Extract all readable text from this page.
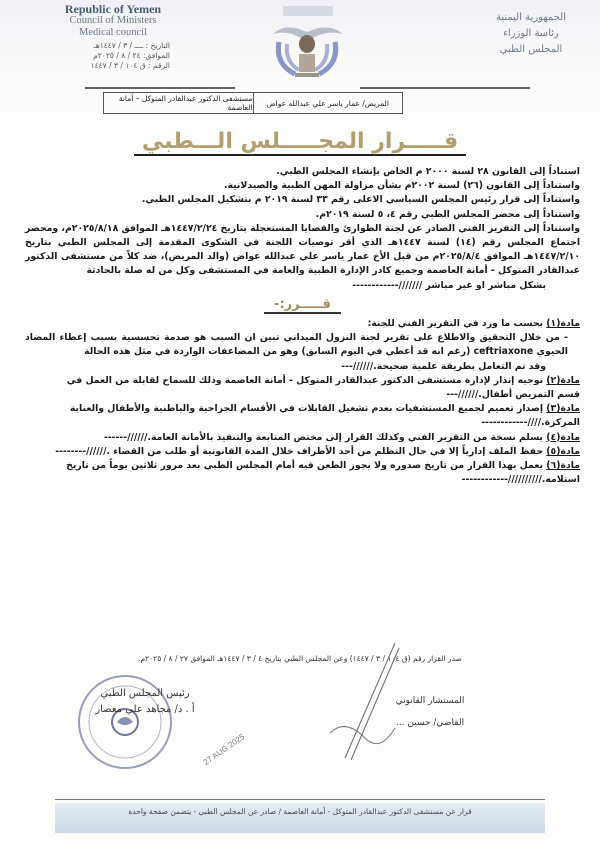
Republic of Yemen
Council of Ministers
Medical council
التاريخ : ــــ / ٣ / ١٤٤٧هـ
الموافق: ٢٤ / ٨ / ٢٠٢٥م
الرقم : ق ١٠٤ / ٣ / ١٤٤٧
الجمهورية اليمنية
رئاسة الوزراء
المجلس الطبي
المريض/ عمار ياسر علي عبدالله عواض
مستشفى الدكتور عبدالقادر المتوكل – أمانة العاصمة
قـــــرار المجـــــلس الـــطبي

استناداً إلى القانون ٢٨ لسنة ٢٠٠٠ م الخاص بإنشاء المجلس الطبي.

واستناداً إلى القانون (٢٦) لسنة ٢٠٠٢م بشأن مزاولة المهن الطبية والصيدلانية.

واستناداً إلى قرار رئيس المجلس السياسي الاعلى رقم ٣٣ لسنة ٢٠١٩ م بتشكيل المجلس الطبي.

واستناداً إلى محضر المجلس الطبي رقم ٤، ٥ لسنة ٢٠١٩م.

واستناداً إلى التقرير الفني الصادر عن لجنة الطوارئ والقضايا المستعجلة بتاريخ ١٤٤٧/٢/٢٤هـ الموافق ٢٠٢٥/٨/١٨م، ومحضر اجتماع المجلس رقم (١٤) لسنة ١٤٤٧هـ الذي أقر توصيات اللجنة في الشكوى المقدمة إلى المجلس الطبي بتاريخ ١٤٤٧/٢/١٠هـ الموافق ٢٠٢٥/٨/٤م من قبل الأخ عمار ياسر علي عبدالله عواض (والد المريض)، ضد كلاً من مستشفى الدكتور عبدالقادر المتوكل - أمانة العاصمة وجميع كادر الإدارة الطبية والعامة في المستشفى وكل من له صلة بالحادثة

بشكل مباشر او غير مباشر ///////------------

قـــــرر:-

مادة(١) بحسب ما ورد في التقرير الفني للجنة:

- من خلال التحقيق والاطلاع على تقرير لجنة النزول الميداني تبين ان السبب هو صدمة تحسسية بسبب إعطاء المضاد الحيوي ceftriaxone (رغم انه قد أعطي في اليوم السابق) وهو من المضاعفات الواردة في مثل هذه الحالة

وقد تم التعامل بطريقة علمية صحيحة.//////---

مادة(٢) توجيه إنذار لإدارة مستشفى الدكتور عبدالقادر المتوكل - أمانة العاصمة وذلك للسماح لقابلة من العمل في

قسم التمريض أطفال.//////---

مادة(٣) إصدار تعميم لجميع المستشفيات بعدم تشغيل القابلات في الأقسام الجراحية والباطنية والأطفال والعناية

المركزة.////------------

مادة(٤) يسلم نسخة من التقرير الفني وكذلك القرار إلى مختص المتابعة والتنفيذ بالأمانة العامة.//////------

مادة(٥) حفظ الملف إدارياً إلا في حال التظلم من أحد الأطراف خلال المدة القانونية أو طلب من القضاء .//////--------

مادة(٦) يعمل بهذا القرار من تاريخ صدوره ولا يجوز الطعن فيه أمام المجلس الطبي بعد مرور ثلاثين يوماً من تاريخ

استلامه.//////////------------

صدر القرار رقم (ق ١٠٤ / ٣ / ١٤٤٧) وعن المجلس الطبي بتاريخ ٤ / ٣ / ١٤٤٧هـ الموافق ٢٧ / ٨ / ٢٠٢٥م.
المستشار القانوني
القاضي/ حسين ...
رئيس المجلس الطبي
أ . د/ مجاهد علي معصار
27 AUG 2025
قرار عن مستشفى الدكتور عبدالقادر المتوكل - أمانة العاصمة / صادر عن المجلس الطبي - يتضمن صفحة واحدة
